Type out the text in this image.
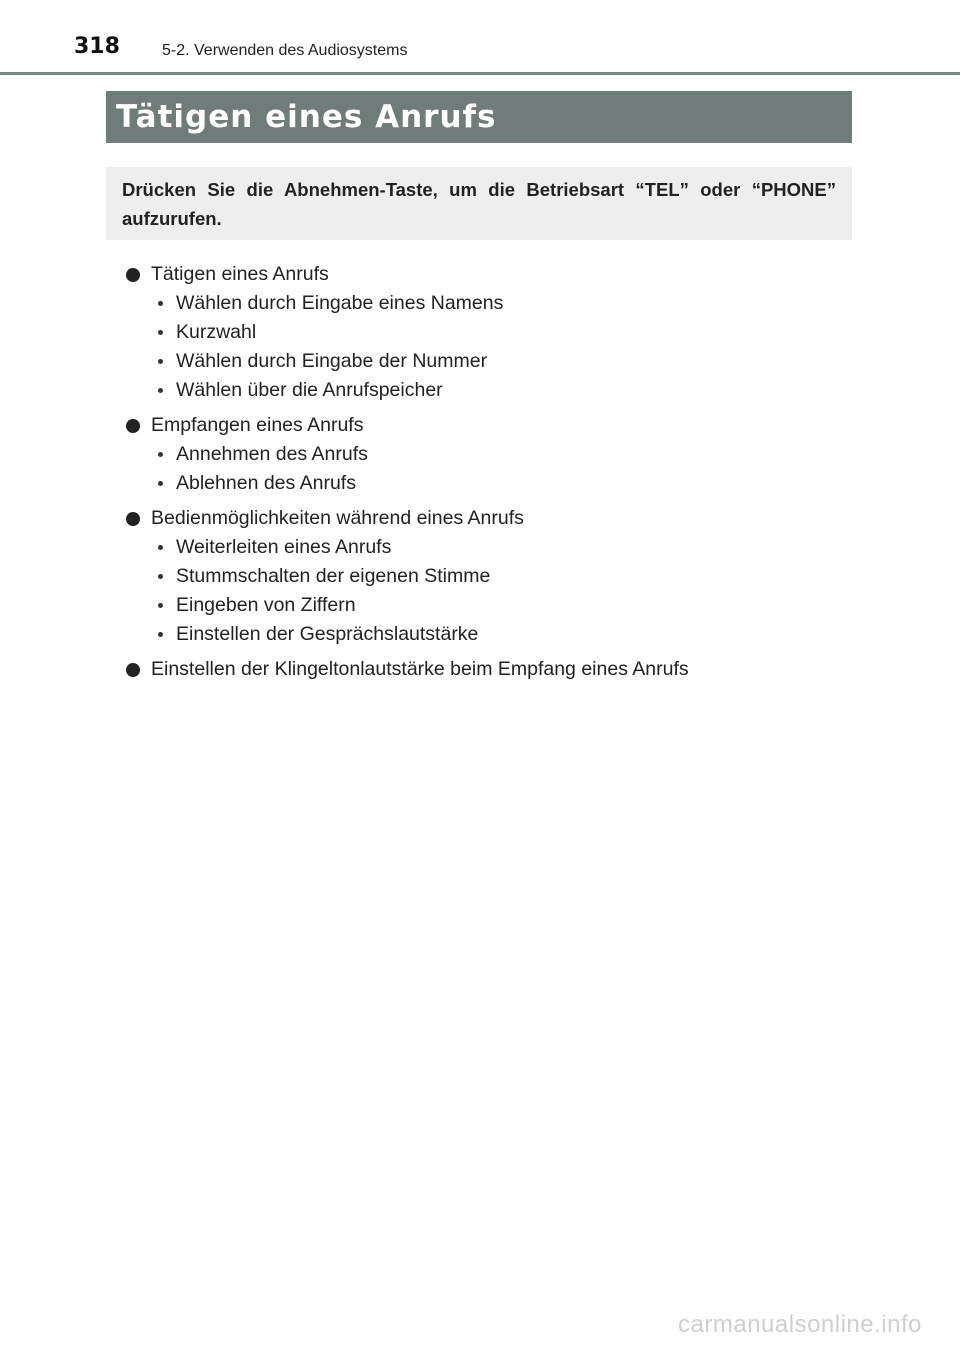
318	5-2. Verwenden des Audiosystems
Tätigen eines Anrufs
Drücken Sie die Abnehmen-Taste, um die Betriebsart “TEL” oder “PHONE” aufzurufen.
Tätigen eines Anrufs
Wählen durch Eingabe eines Namens
Kurzwahl
Wählen durch Eingabe der Nummer
Wählen über die Anrufspeicher
Empfangen eines Anrufs
Annehmen des Anrufs
Ablehnen des Anrufs
Bedienmöglichkeiten während eines Anrufs
Weiterleiten eines Anrufs
Stummschalten der eigenen Stimme
Eingeben von Ziffern
Einstellen der Gesprächslautstärke
Einstellen der Klingeltonlautstärke beim Empfang eines Anrufs
carmanualsonline.info
